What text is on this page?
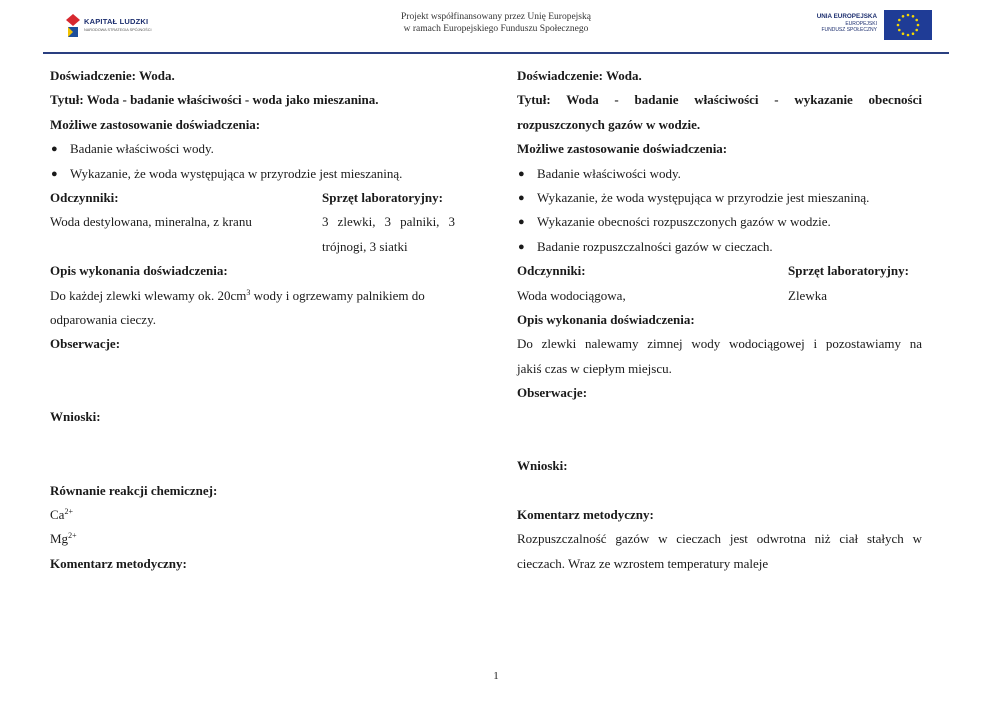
KAPITAŁ LUDZKI
NARODOWA STRATEGIA SPÓJNOŚCI
Projekt współfinansowany przez Unię Europejską
w ramach Europejskiego Funduszu Społecznego
UNIA EUROPEJSKA
EUROPEJSKI
FUNDUSZ SPOŁECZNY
Doświadczenie: Woda.
Tytuł: Woda - badanie właściwości - woda jako mieszanina.
Możliwe zastosowanie doświadczenia:
● Badanie właściwości wody.
● Wykazanie, że woda występująca w przyrodzie jest mieszaniną.
Odczynniki:	Sprzęt laboratoryjny:
Woda destylowana, mineralna, z kranu	3 zlewki, 3 palniki, 3
trójnogi, 3 siatki
Opis wykonania doświadczenia:
Do każdej zlewki wlewamy ok. $20cm^3$ wody i ogrzewamy palnikiem do
odparowania cieczy.
Obserwacje:
Wnioski:
Równanie reakcji chemicznej:
$Ca^{2+}$
$Mg^{2+}$
Komentarz metodyczny:
Doświadczenie: Woda.
Tytuł:  Woda  -  badanie  właściwości  -  wykazanie  obecności
rozpuszczonych gazów w wodzie.
Możliwe zastosowanie doświadczenia:
● Badanie właściwości wody.
● Wykazanie, że woda występująca w przyrodzie jest mieszaniną.
● Wykazanie obecności rozpuszczonych gazów w wodzie.
● Badanie rozpuszczalności gazów w cieczach.
Odczynniki:	Sprzęt laboratoryjny:
Woda wodociągowa,	Zlewka
Opis wykonania doświadczenia:
Do zlewki nalewamy zimnej wody wodociągowej i pozostawiamy na
jakiś czas w ciepłym miejscu.
Obserwacje:
Wnioski:
Komentarz metodyczny:
Rozpuszczalność gazów w cieczach jest odwrotna niż ciał stałych w
cieczach. Wraz ze wzrostem temperatury maleje
1
